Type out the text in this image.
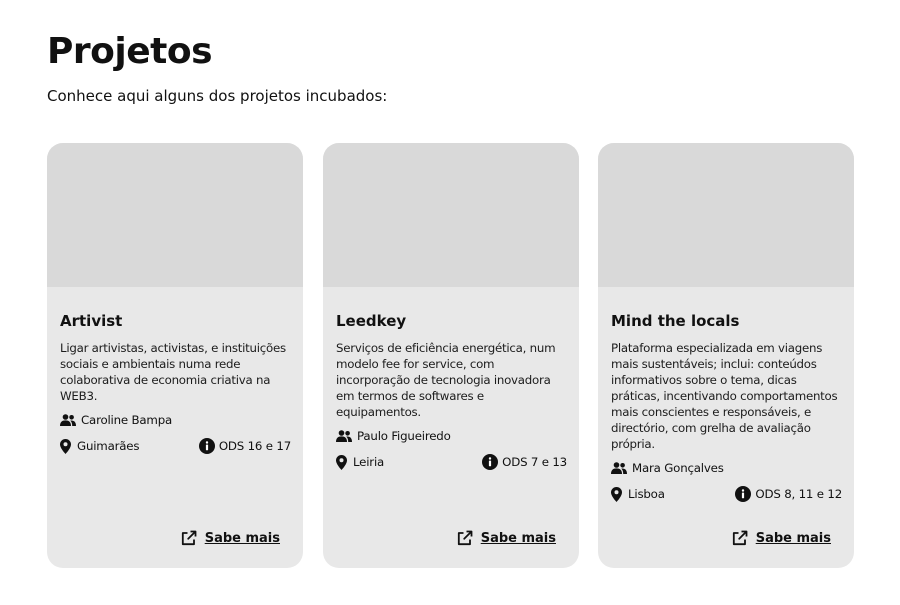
Projetos

Conhece aqui alguns dos projetos incubados:

Artivist
Ligar artivistas, activistas, e instituições sociais e ambientais numa rede colaborativa de economia criativa na WEB3.
Caroline Bampa
Guimarães	ODS 16 e 17
Sabe mais
Leedkey
Serviços de eficiência energética, num modelo fee for service, com incorporação de tecnologia inovadora em termos de softwares e equipamentos.
Paulo Figueiredo
Leiria	ODS 7 e 13
Sabe mais
Mind the locals
Plataforma especializada em viagens mais sustentáveis; inclui: conteúdos informativos sobre o tema, dicas práticas, incentivando comportamentos mais conscientes e responsáveis, e directório, com grelha de avaliação própria.
Mara Gonçalves
Lisboa	ODS 8, 11 e 12
Sabe mais
